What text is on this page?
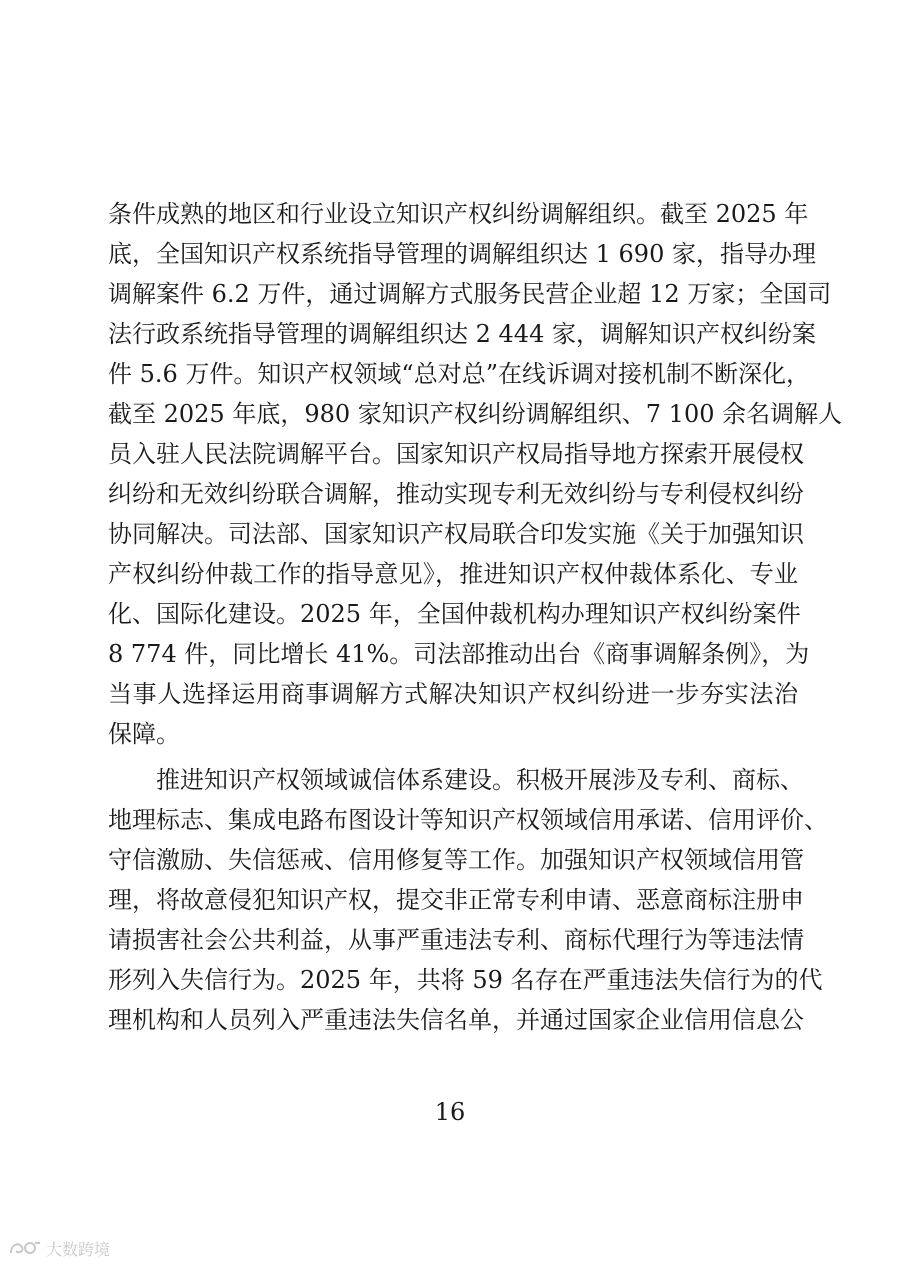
条件成熟的地区和行业设立知识产权纠纷调解组织。截至 2025 年
底，全国知识产权系统指导管理的调解组织达 1 690 家，指导办理
调解案件 6.2 万件，通过调解方式服务民营企业超 12 万家；全国司
法行政系统指导管理的调解组织达 2 444 家，调解知识产权纠纷案
件 5.6 万件。知识产权领域“总对总”在线诉调对接机制不断深化，
截至 2025 年底，980 家知识产权纠纷调解组织、7 100 余名调解人
员入驻人民法院调解平台。国家知识产权局指导地方探索开展侵权
纠纷和无效纠纷联合调解，推动实现专利无效纠纷与专利侵权纠纷
协同解决。司法部、国家知识产权局联合印发实施《关于加强知识
产权纠纷仲裁工作的指导意见》，推进知识产权仲裁体系化、专业
化、国际化建设。2025 年，全国仲裁机构办理知识产权纠纷案件
8 774 件，同比增长 41%。司法部推动出台《商事调解条例》，为
当事人选择运用商事调解方式解决知识产权纠纷进一步夯实法治
保障。
推进知识产权领域诚信体系建设。积极开展涉及专利、商标、
地理标志、集成电路布图设计等知识产权领域信用承诺、信用评价、
守信激励、失信惩戒、信用修复等工作。加强知识产权领域信用管
理，将故意侵犯知识产权，提交非正常专利申请、恶意商标注册申
请损害社会公共利益，从事严重违法专利、商标代理行为等违法情
形列入失信行为。2025 年，共将 59 名存在严重违法失信行为的代
理机构和人员列入严重违法失信名单，并通过国家企业信用信息公
16
大数跨境
